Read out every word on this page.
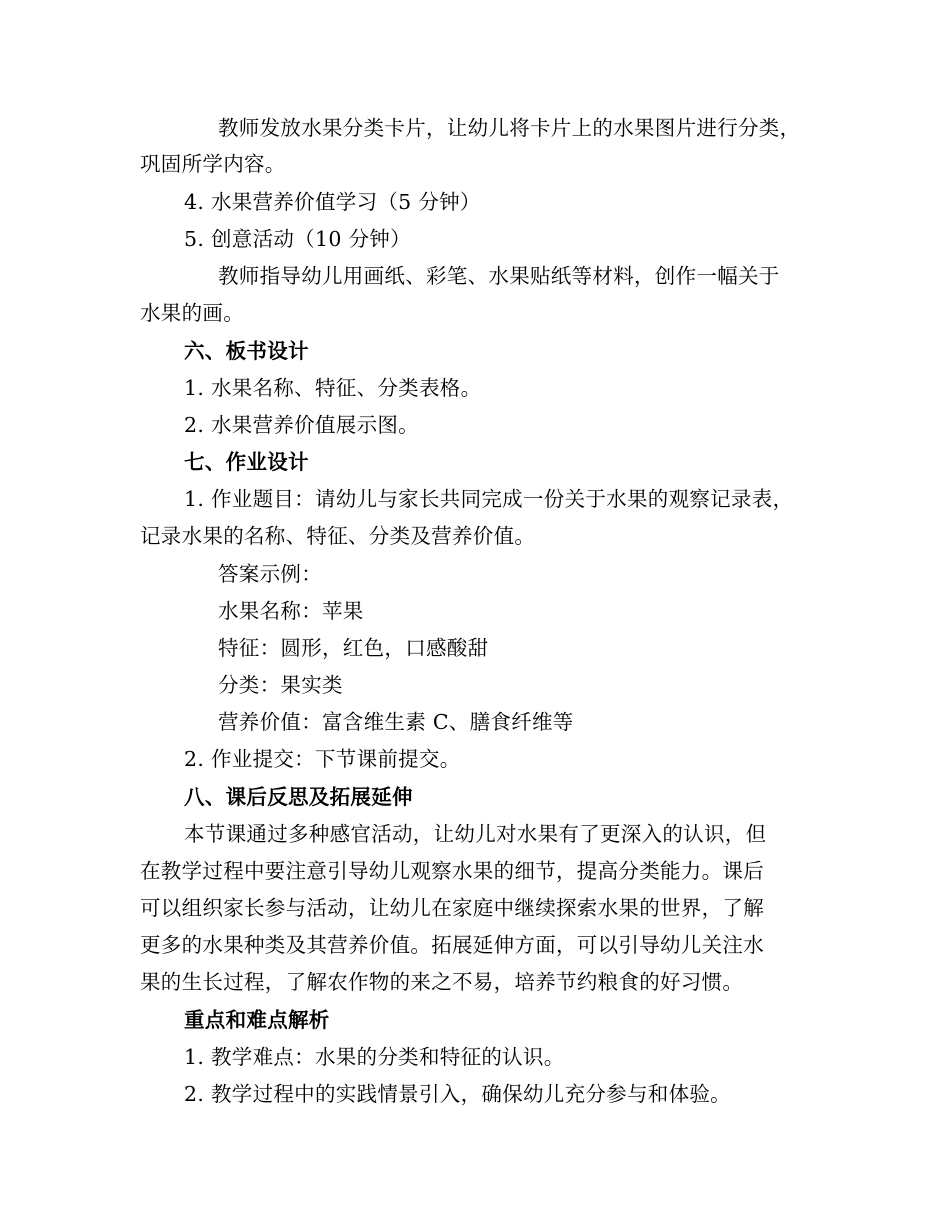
教师发放水果分类卡片，让幼儿将卡片上的水果图片进行分类，
巩固所学内容。
4. 水果营养价值学习（5 分钟）
5. 创意活动（10 分钟）
教师指导幼儿用画纸、彩笔、水果贴纸等材料，创作一幅关于
水果的画。
六、板书设计
1. 水果名称、特征、分类表格。
2. 水果营养价值展示图。
七、作业设计
1. 作业题目：请幼儿与家长共同完成一份关于水果的观察记录表，
记录水果的名称、特征、分类及营养价值。
答案示例：
水果名称：苹果
特征：圆形，红色，口感酸甜
分类：果实类
营养价值：富含维生素 C、膳食纤维等
2. 作业提交：下节课前提交。
八、课后反思及拓展延伸
本节课通过多种感官活动，让幼儿对水果有了更深入的认识，但
在教学过程中要注意引导幼儿观察水果的细节，提高分类能力。课后
可以组织家长参与活动，让幼儿在家庭中继续探索水果的世界，了解
更多的水果种类及其营养价值。拓展延伸方面，可以引导幼儿关注水
果的生长过程，了解农作物的来之不易，培养节约粮食的好习惯。
重点和难点解析
1. 教学难点：水果的分类和特征的认识。
2. 教学过程中的实践情景引入，确保幼儿充分参与和体验。
